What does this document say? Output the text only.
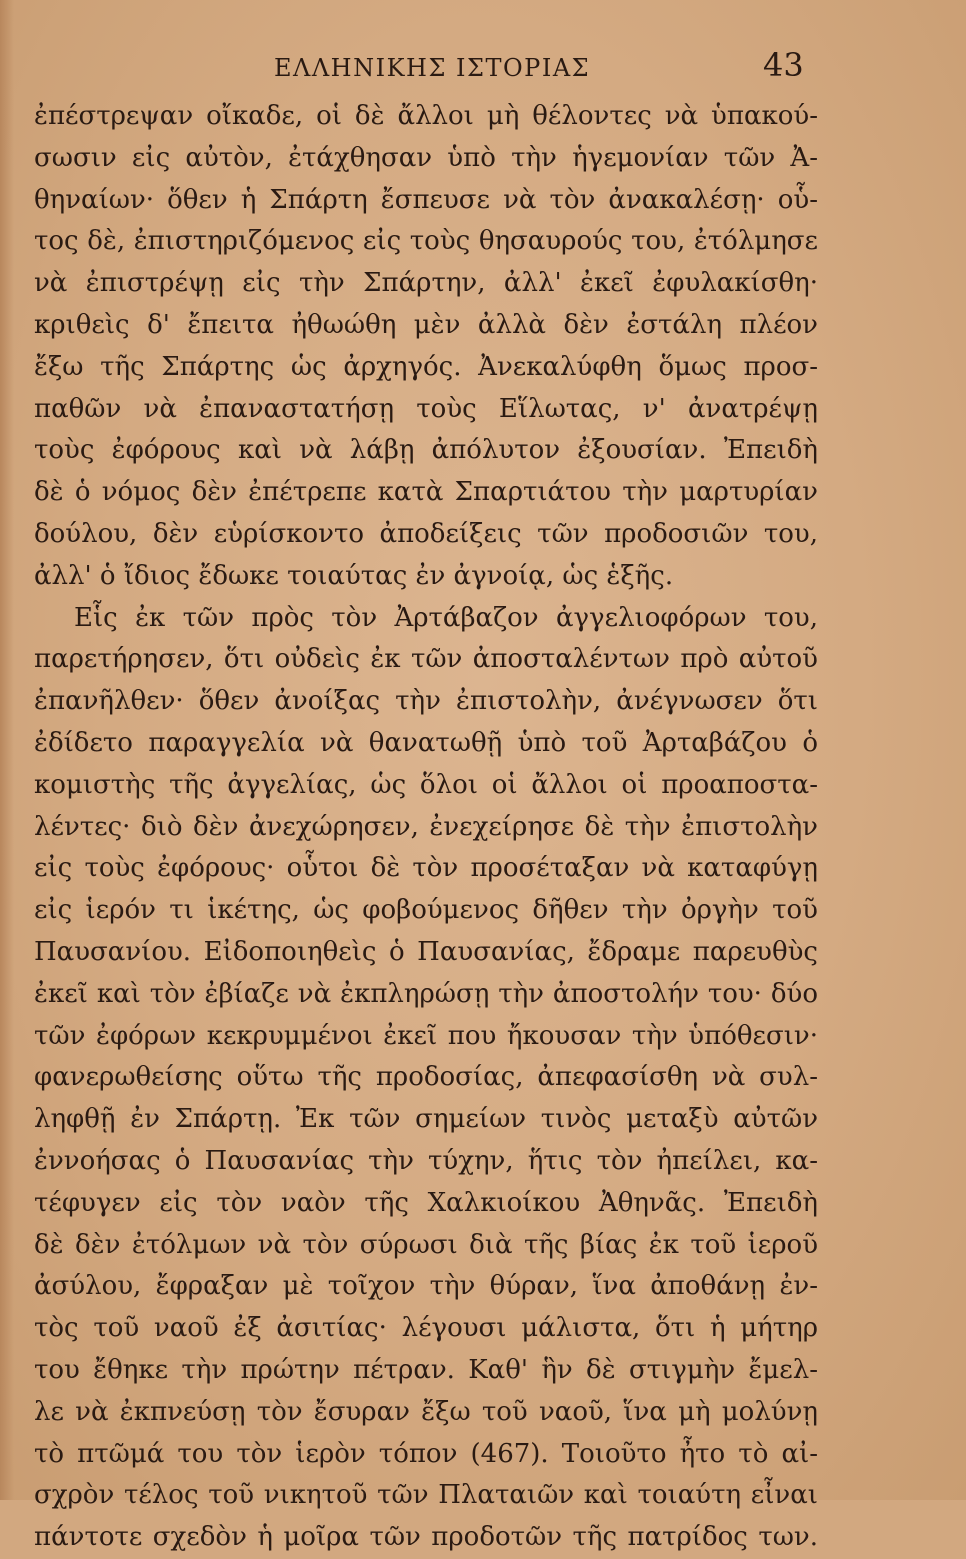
ΕΛΛΗΝΙΚΗΣ ΙΣΤΟΡΙΑΣ	43
ἐπέστρεψαν οἴκαδε, οἱ δὲ ἄλλοι μὴ θέλοντες νὰ ὑπακού-
σωσιν εἰς αὐτὸν, ἐτάχθησαν ὑπὸ τὴν ἡγεμονίαν τῶν Ἀ-
θηναίων· ὅθεν ἡ Σπάρτη ἔσπευσε νὰ τὸν ἀνακαλέσῃ· οὗ-
τος δὲ, ἐπιστηριζόμενος εἰς τοὺς θησαυρούς του, ἐτόλμησε
νὰ ἐπιστρέψῃ εἰς τὴν Σπάρτην, ἀλλ' ἐκεῖ ἐφυλακίσθη·
κριθεὶς δ' ἔπειτα ἠθωώθη μὲν ἀλλὰ δὲν ἐστάλη πλέον
ἔξω τῆς Σπάρτης ὡς ἀρχηγός. Ἀνεκαλύφθη ὅμως προσ-
παθῶν νὰ ἐπαναστατήσῃ τοὺς Εἵλωτας, ν' ἀνατρέψῃ
τοὺς ἐφόρους καὶ νὰ λάβῃ ἀπόλυτον ἐξουσίαν. Ἐπειδὴ
δὲ ὁ νόμος δὲν ἐπέτρεπε κατὰ Σπαρτιάτου τὴν μαρτυρίαν
δούλου, δὲν εὑρίσκοντο ἀποδείξεις τῶν προδοσιῶν του,
ἀλλ' ὁ ἴδιος ἔδωκε τοιαύτας ἐν ἀγνοίᾳ, ὡς ἑξῆς.
Εἷς ἐκ τῶν πρὸς τὸν Ἀρτάβαζον ἀγγελιοφόρων του,
παρετήρησεν, ὅτι οὐδεὶς ἐκ τῶν ἀποσταλέντων πρὸ αὐτοῦ
ἐπανῆλθεν· ὅθεν ἀνοίξας τὴν ἐπιστολὴν, ἀνέγνωσεν ὅτι
ἐδίδετο παραγγελία νὰ θανατωθῇ ὑπὸ τοῦ Ἀρταβάζου ὁ
κομιστὴς τῆς ἀγγελίας, ὡς ὅλοι οἱ ἄλλοι οἱ προαποστα-
λέντες· διὸ δὲν ἀνεχώρησεν, ἐνεχείρησε δὲ τὴν ἐπιστολὴν
εἰς τοὺς ἐφόρους· οὗτοι δὲ τὸν προσέταξαν νὰ καταφύγῃ
εἰς ἱερόν τι ἱκέτης, ὡς φοβούμενος δῆθεν τὴν ὀργὴν τοῦ
Παυσανίου. Εἰδοποιηθεὶς ὁ Παυσανίας, ἔδραμε παρευθὺς
ἐκεῖ καὶ τὸν ἐβίαζε νὰ ἐκπληρώσῃ τὴν ἀποστολήν του· δύο
τῶν ἐφόρων κεκρυμμένοι ἐκεῖ που ἤκουσαν τὴν ὑπόθεσιν·
φανερωθείσης οὕτω τῆς προδοσίας, ἀπεφασίσθη νὰ συλ-
ληφθῇ ἐν Σπάρτῃ. Ἐκ τῶν σημείων τινὸς μεταξὺ αὐτῶν
ἐννοήσας ὁ Παυσανίας τὴν τύχην, ἥτις τὸν ἠπείλει, κα-
τέφυγεν εἰς τὸν ναὸν τῆς Χαλκιοίκου Ἀθηνᾶς. Ἐπειδὴ
δὲ δὲν ἐτόλμων νὰ τὸν σύρωσι διὰ τῆς βίας ἐκ τοῦ ἱεροῦ
ἀσύλου, ἔφραξαν μὲ τοῖχον τὴν θύραν, ἵνα ἀποθάνῃ ἐν-
τὸς τοῦ ναοῦ ἐξ ἀσιτίας· λέγουσι μάλιστα, ὅτι ἡ μήτηρ
του ἔθηκε τὴν πρώτην πέτραν. Καθ' ἣν δὲ στιγμὴν ἔμελ-
λε νὰ ἐκπνεύσῃ τὸν ἔσυραν ἔξω τοῦ ναοῦ, ἵνα μὴ μολύνῃ
τὸ πτῶμά του τὸν ἱερὸν τόπον (467). Τοιοῦτο ἦτο τὸ αἰ-
σχρὸν τέλος τοῦ νικητοῦ τῶν Πλαταιῶν καὶ τοιαύτη εἶναι
πάντοτε σχεδὸν ἡ μοῖρα τῶν προδοτῶν τῆς πατρίδος των.
